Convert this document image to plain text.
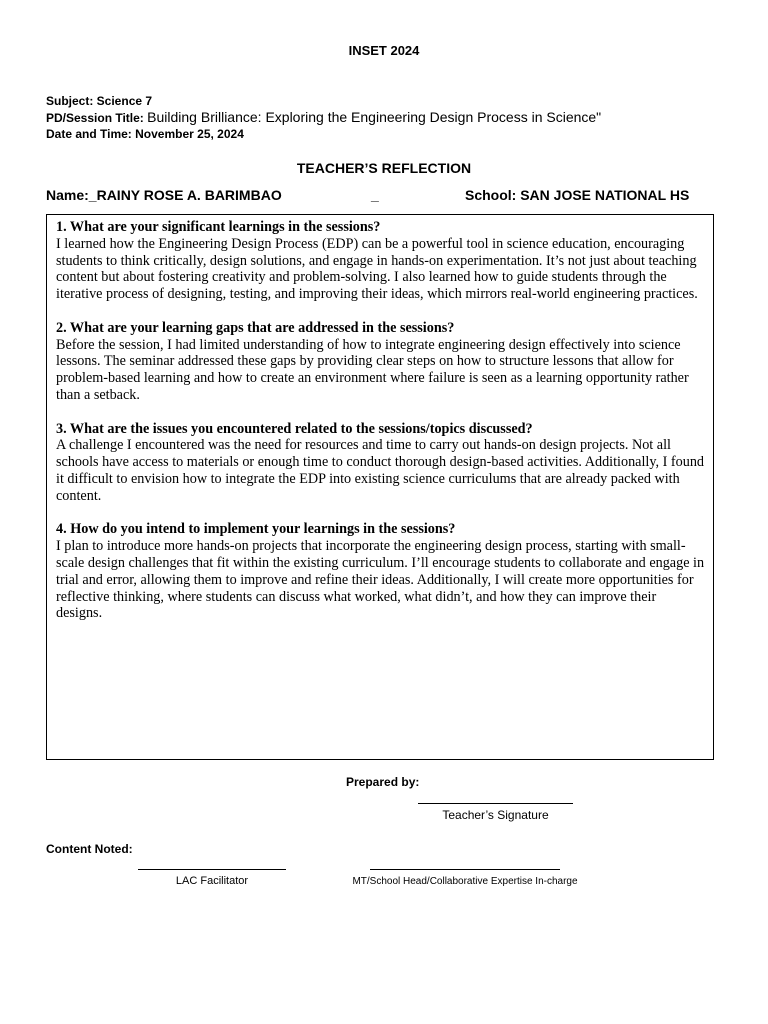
INSET 2024
Subject: Science 7
PD/Session Title: Building Brilliance: Exploring the Engineering Design Process in Science"
Date and Time: November 25, 2024
TEACHER’S REFLECTION
Name:_RAINY ROSE A. BARIMBAO	_	School: SAN JOSE NATIONAL HS
1. What are your significant learnings in the sessions?
I learned how the Engineering Design Process (EDP) can be a powerful tool in science education, encouraging students to think critically, design solutions, and engage in hands-on experimentation. It’s not just about teaching content but about fostering creativity and problem-solving. I also learned how to guide students through the iterative process of designing, testing, and improving their ideas, which mirrors real-world engineering practices.
2. What are your learning gaps that are addressed in the sessions?
Before the session, I had limited understanding of how to integrate engineering design effectively into science lessons. The seminar addressed these gaps by providing clear steps on how to structure lessons that allow for problem-based learning and how to create an environment where failure is seen as a learning opportunity rather than a setback.
3. What are the issues you encountered related to the sessions/topics discussed?
A challenge I encountered was the need for resources and time to carry out hands-on design projects. Not all schools have access to materials or enough time to conduct thorough design-based activities. Additionally, I found it difficult to envision how to integrate the EDP into existing science curriculums that are already packed with content.
4. How do you intend to implement your learnings in the sessions?
I plan to introduce more hands-on projects that incorporate the engineering design process, starting with small-scale design challenges that fit within the existing curriculum. I’ll encourage students to collaborate and engage in trial and error, allowing them to improve and refine their ideas. Additionally, I will create more opportunities for reflective thinking, where students can discuss what worked, what didn’t, and how they can improve their designs.
Prepared by:
Teacher’s Signature
Content Noted:
LAC Facilitator	MT/School Head/Collaborative Expertise In-charge
